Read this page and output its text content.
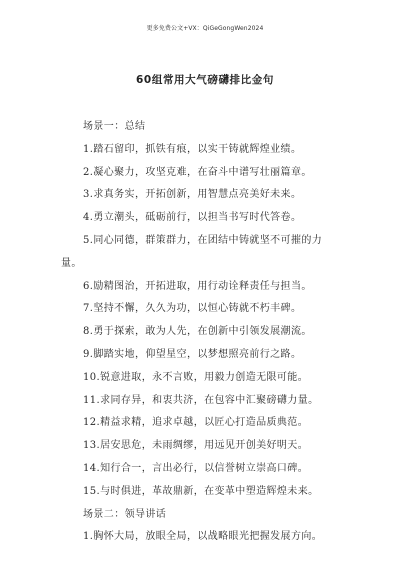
更多免费公文+VX：QiGeGongWen2024
60组常用大气磅礴排比金句
场景一：总结
1.踏石留印，抓铁有痕，以实干铸就辉煌业绩。
2.凝心聚力，攻坚克难，在奋斗中谱写壮丽篇章。
3.求真务实，开拓创新，用智慧点亮美好未来。
4.勇立潮头，砥砺前行，以担当书写时代答卷。
5.同心同德，群策群力，在团结中铸就坚不可摧的力
量。
6.励精图治，开拓进取，用行动诠释责任与担当。
7.坚持不懈，久久为功，以恒心铸就不朽丰碑。
8.勇于探索，敢为人先，在创新中引领发展潮流。
9.脚踏实地，仰望星空，以梦想照亮前行之路。
10.锐意进取，永不言败，用毅力创造无限可能。
11.求同存异，和衷共济，在包容中汇聚磅礴力量。
12.精益求精，追求卓越，以匠心打造品质典范。
13.居安思危，未雨绸缪，用远见开创美好明天。
14.知行合一，言出必行，以信誉树立崇高口碑。
15.与时俱进，革故鼎新，在变革中塑造辉煌未来。
场景二：领导讲话
1.胸怀大局，放眼全局，以战略眼光把握发展方向。
